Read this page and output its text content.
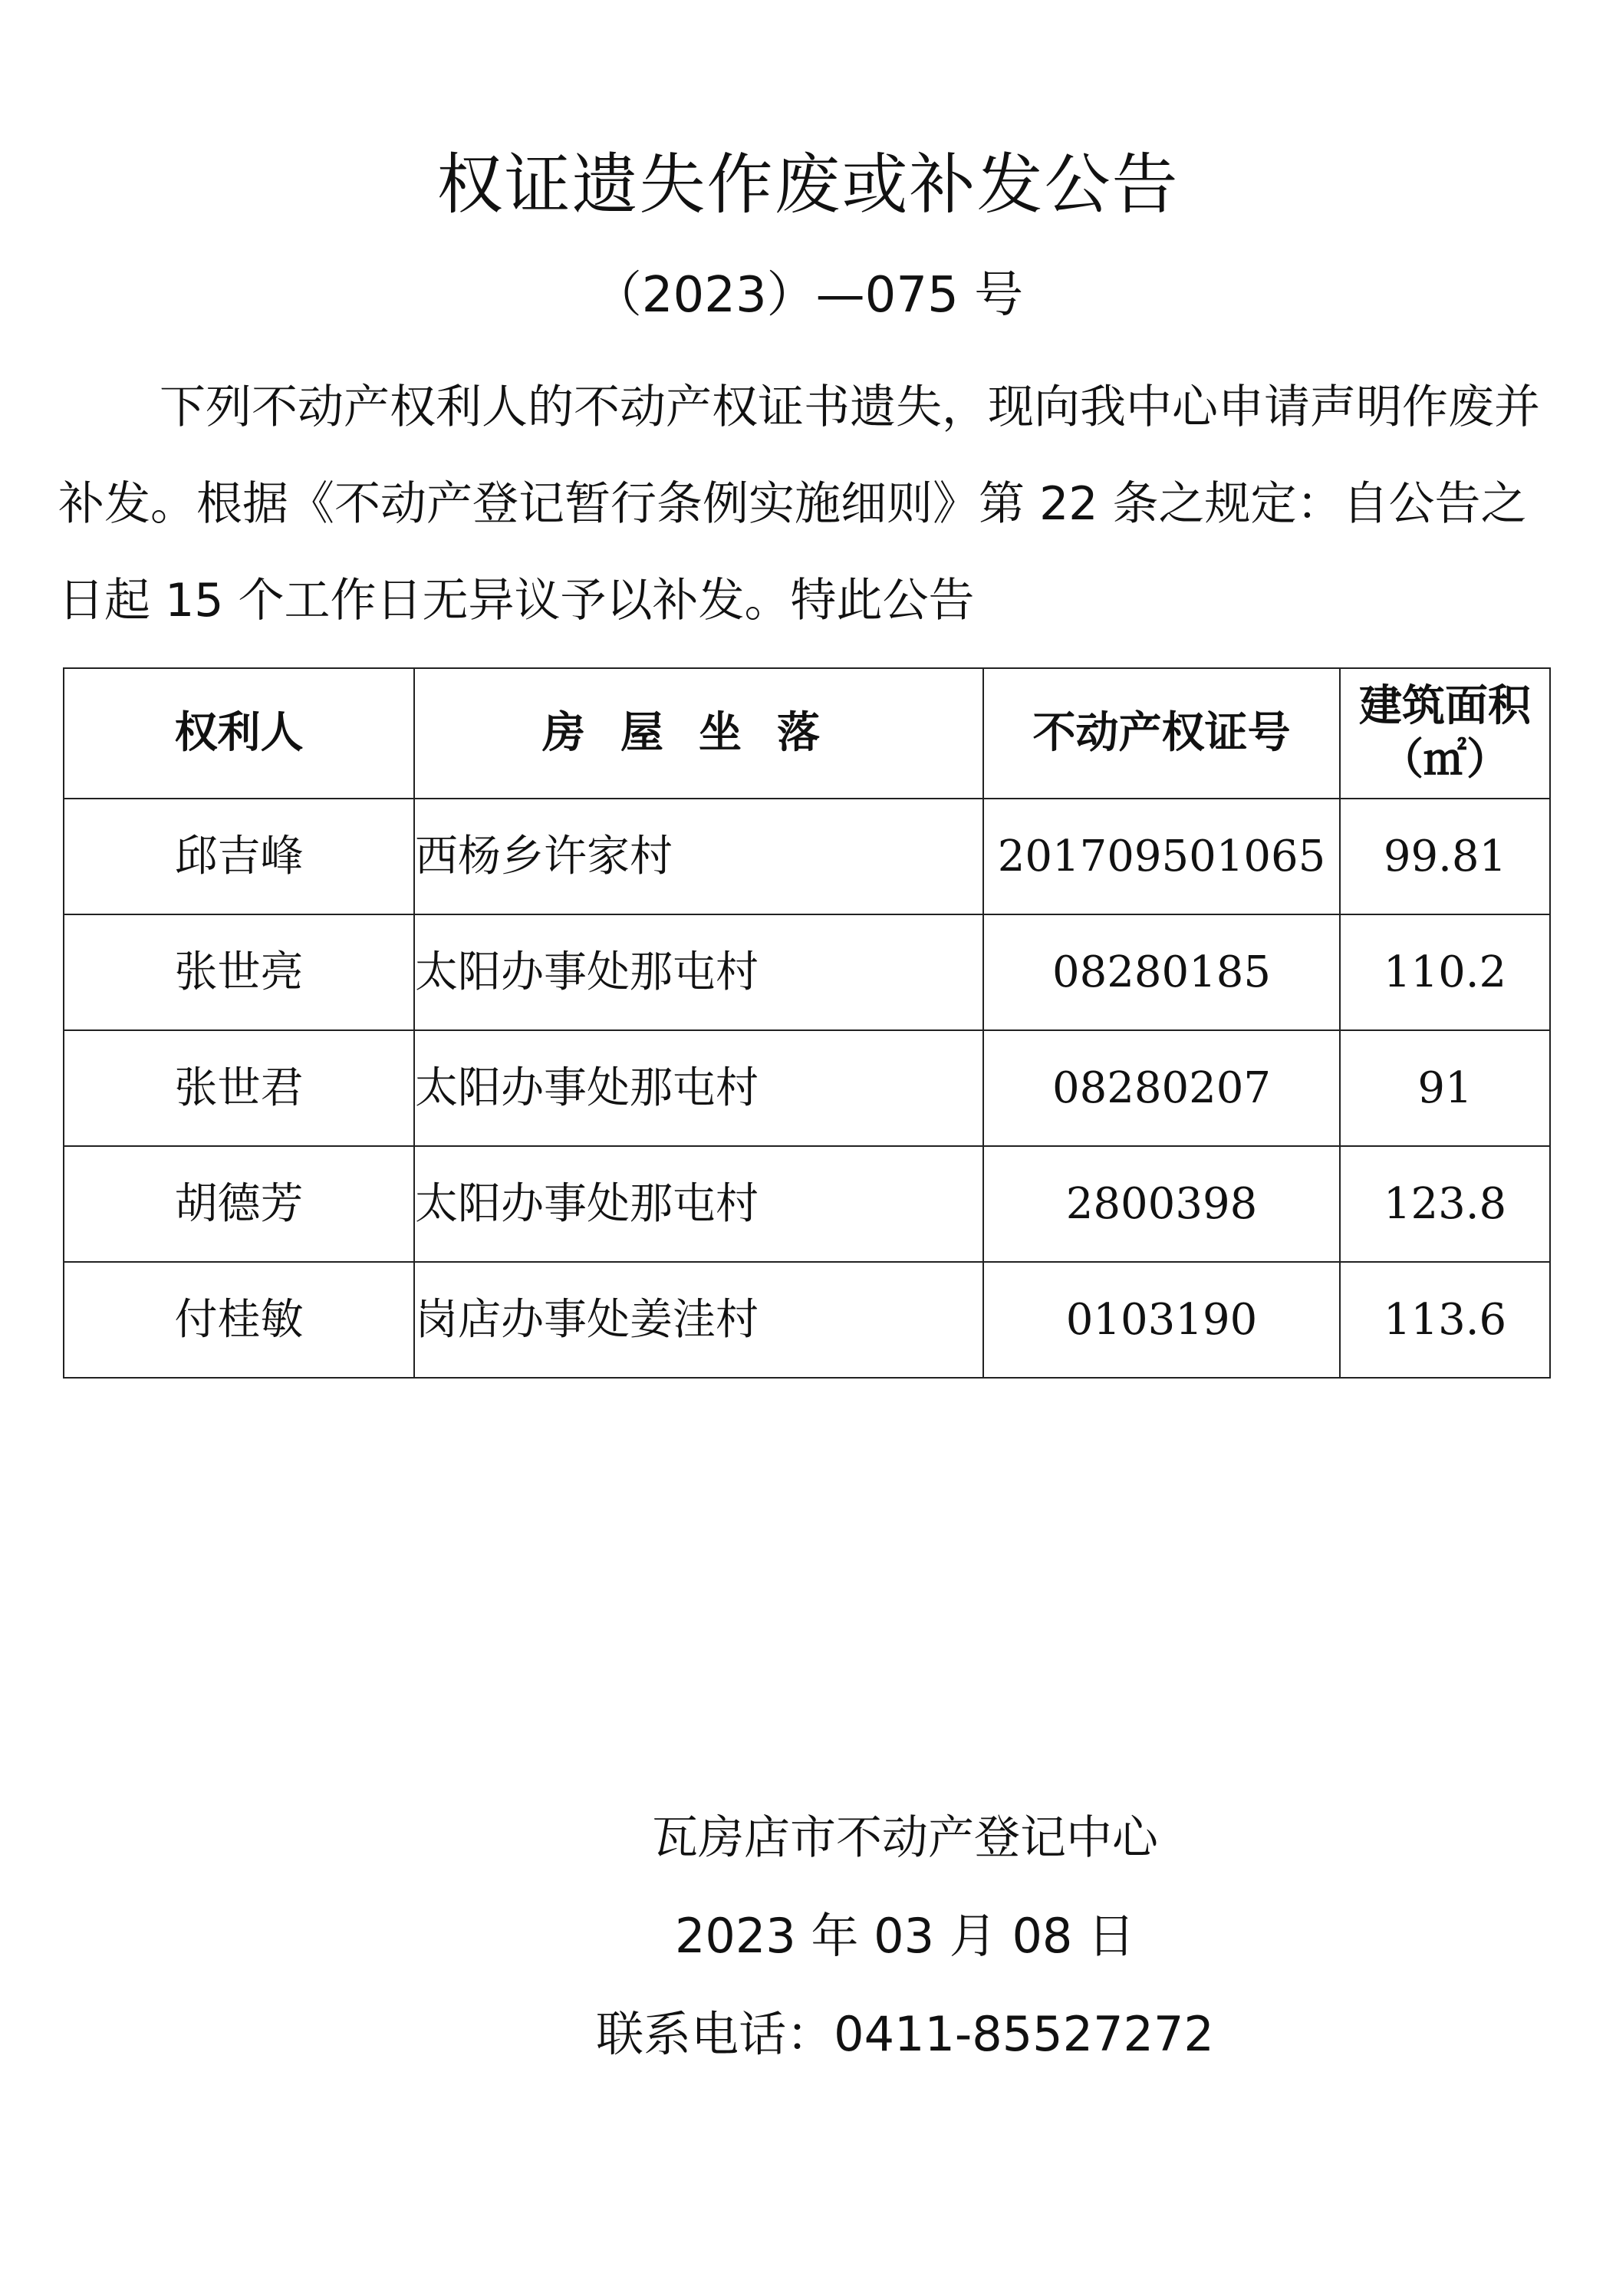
权证遗失作废或补发公告

（2023）—075 号

下列不动产权利人的不动产权证书遗失，现向我中心申请声明作废并补发。根据《不动产登记暂行条例实施细则》第 22 条之规定：自公告之日起 15 个工作日无异议予以补发。特此公告

权利人	房屋坐落	不动产权证号	建筑面积
（㎡）

邱吉峰	西杨乡许家村	201709501065	99.81
张世亮	太阳办事处那屯村	08280185	110.2
张世君	太阳办事处那屯村	08280207	91
胡德芳	太阳办事处那屯村	2800398	123.8
付桂敏	岗店办事处姜洼村	0103190	113.6

瓦房店市不动产登记中心

2023 年 03 月 08 日

联系电话：0411-85527272
